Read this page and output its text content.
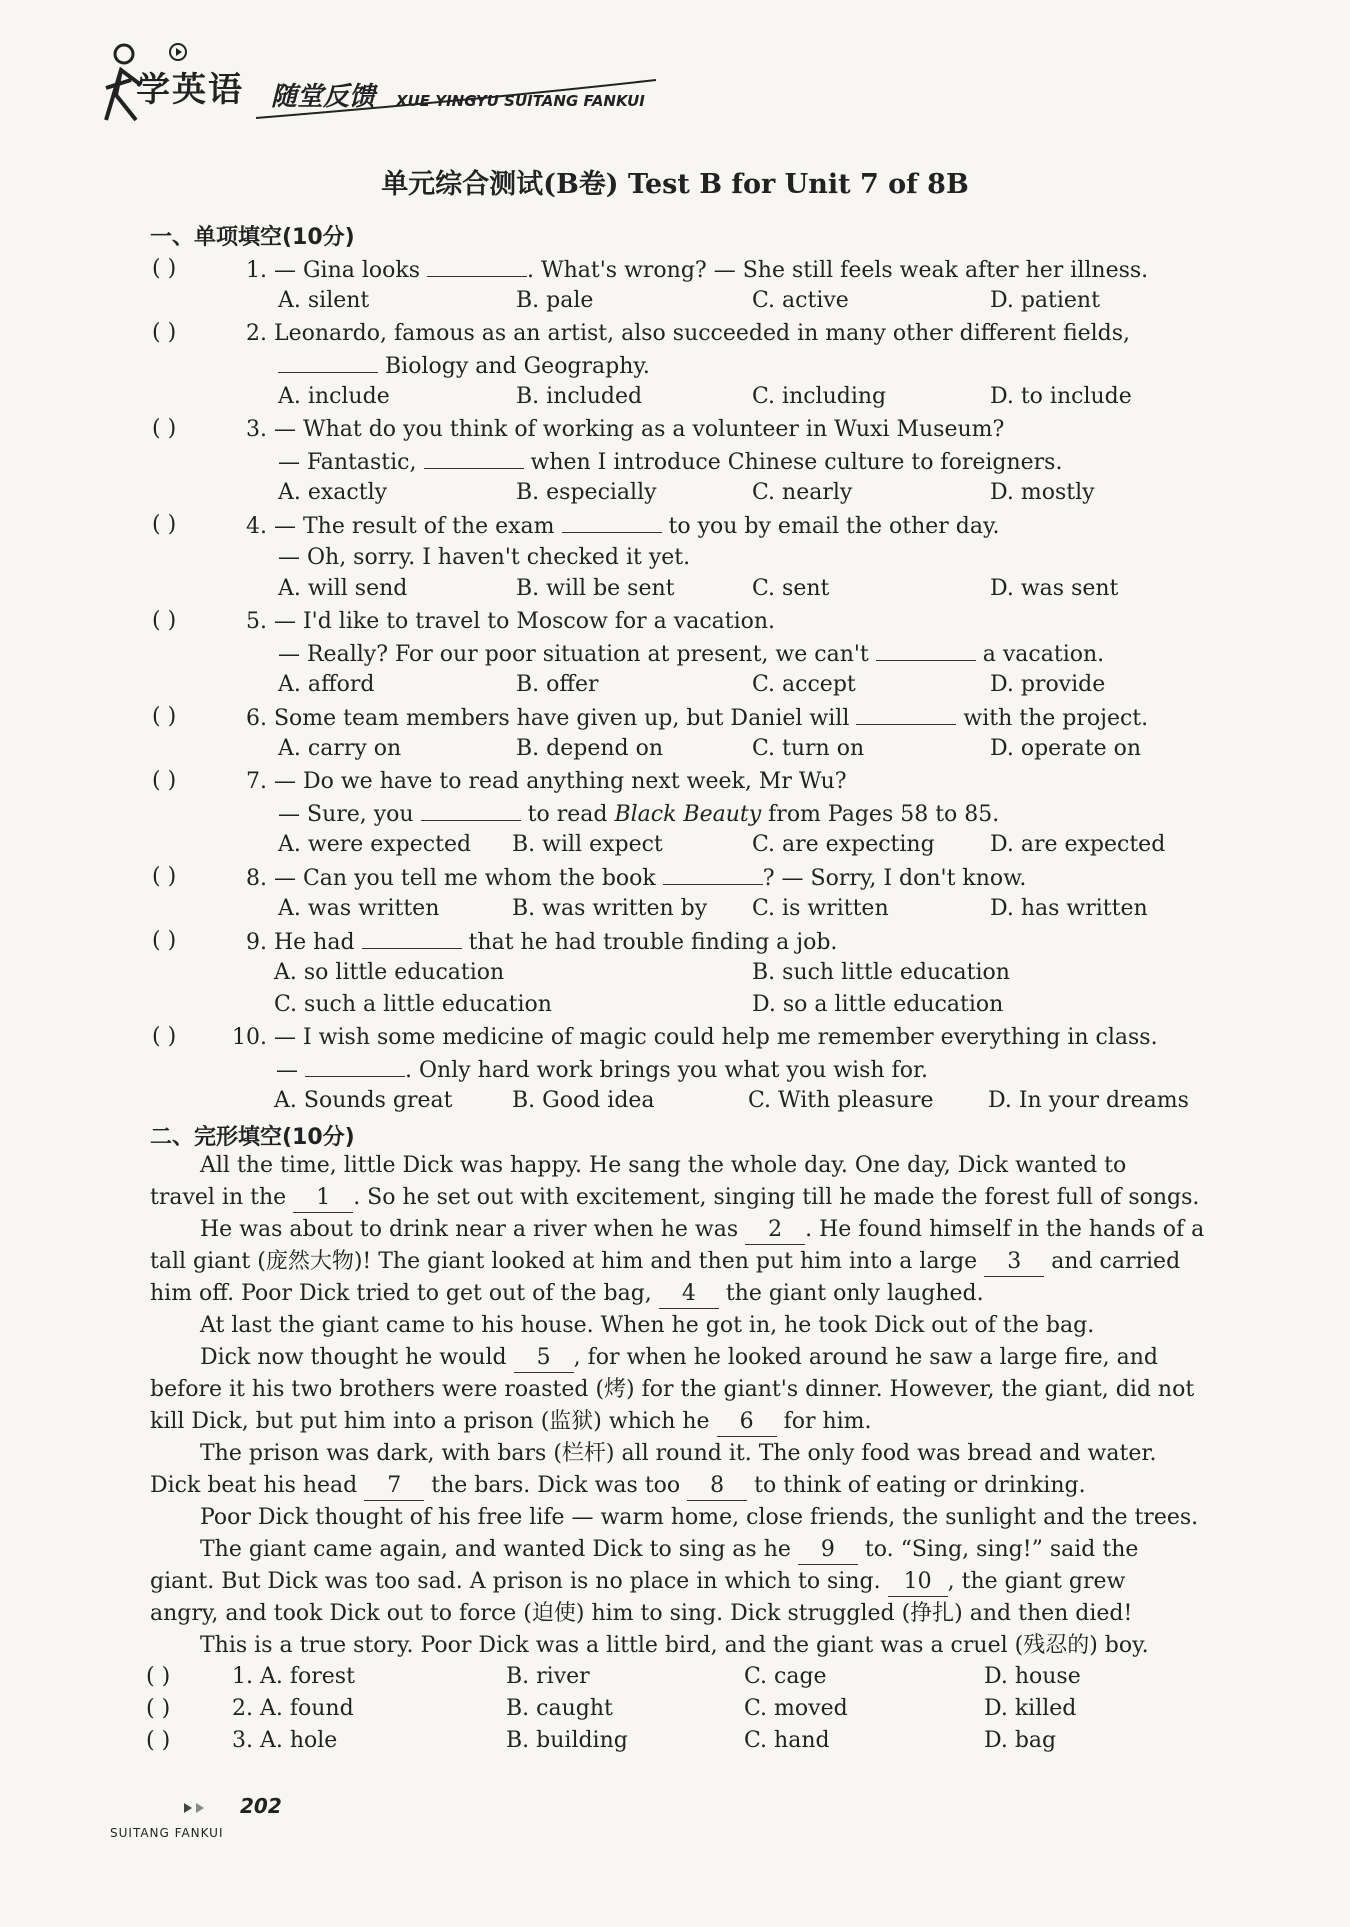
学英语 随堂反馈 XUE YINGYU SUITANG FANKUI
单元综合测试(B卷) Test B for Unit 7 of 8B
一、单项填空(10分)
( )	1. — Gina looks	. What's wrong? — She still feels weak after her illness.
A. silent	B. pale	C. active	D. patient
( )	2. Leonardo, famous as an artist, also succeeded in many other different fields,
Biology and Geography.
A. include	B. included	C. including	D. to include
( )	3. — What do you think of working as a volunteer in Wuxi Museum?
— Fantastic,	when I introduce Chinese culture to foreigners.
A. exactly	B. especially	C. nearly	D. mostly
( )	4. — The result of the exam	to you by email the other day.
— Oh, sorry. I haven't checked it yet.
A. will send	B. will be sent	C. sent	D. was sent
( )	5. — I'd like to travel to Moscow for a vacation.
— Really? For our poor situation at present, we can't	a vacation.
A. afford	B. offer	C. accept	D. provide
( )	6. Some team members have given up, but Daniel will	with the project.
A. carry on	B. depend on	C. turn on	D. operate on
( )	7. — Do we have to read anything next week, Mr Wu?
— Sure, you	to read Black Beauty from Pages 58 to 85.
A. were expected B. will expect	C. are expecting	D. are expected
( )	8. — Can you tell me whom the book	? — Sorry, I don't know.
A. was written	B. was written by C. is written	D. has written
( )	9. He had	that he had trouble finding a job.
A. so little education	B. such little education
C. such a little education	D. so a little education
( )	10. — I wish some medicine of magic could help me remember everything in class.
—	. Only hard work brings you what you wish for.
A. Sounds great	B. Good idea	C. With pleasure D. In your dreams
二、完形填空(10分)
All the time, little Dick was happy. He sang the whole day. One day, Dick wanted to
travel in the 1 . So he set out with excitement, singing till he made the forest full of songs.
He was about to drink near a river when he was 2 . He found himself in the hands of a
tall giant (庞然大物)! The giant looked at him and then put him into a large 3 and carried
him off. Poor Dick tried to get out of the bag, 4 the giant only laughed.
At last the giant came to his house. When he got in, he took Dick out of the bag.
Dick now thought he would 5 , for when he looked around he saw a large fire, and
before it his two brothers were roasted (烤) for the giant's dinner. However, the giant, did not
kill Dick, but put him into a prison (监狱) which he 6 for him.
The prison was dark, with bars (栏杆) all round it. The only food was bread and water.
Dick beat his head 7 the bars. Dick was too 8 to think of eating or drinking.
Poor Dick thought of his free life — warm home, close friends, the sunlight and the trees.
The giant came again, and wanted Dick to sing as he 9 to. “Sing, sing!” said the
giant. But Dick was too sad. A prison is no place in which to sing. 10 , the giant grew
angry, and took Dick out to force (迫使) him to sing. Dick struggled (挣扎) and then died!
This is a true story. Poor Dick was a little bird, and the giant was a cruel (残忍的) boy.
( )	1. A. forest	B. river	C. cage	D. house
( )	2. A. found	B. caught	C. moved	D. killed
( )	3. A. hole	B. building	C. hand	D. bag
202
SUITANG FANKUI
